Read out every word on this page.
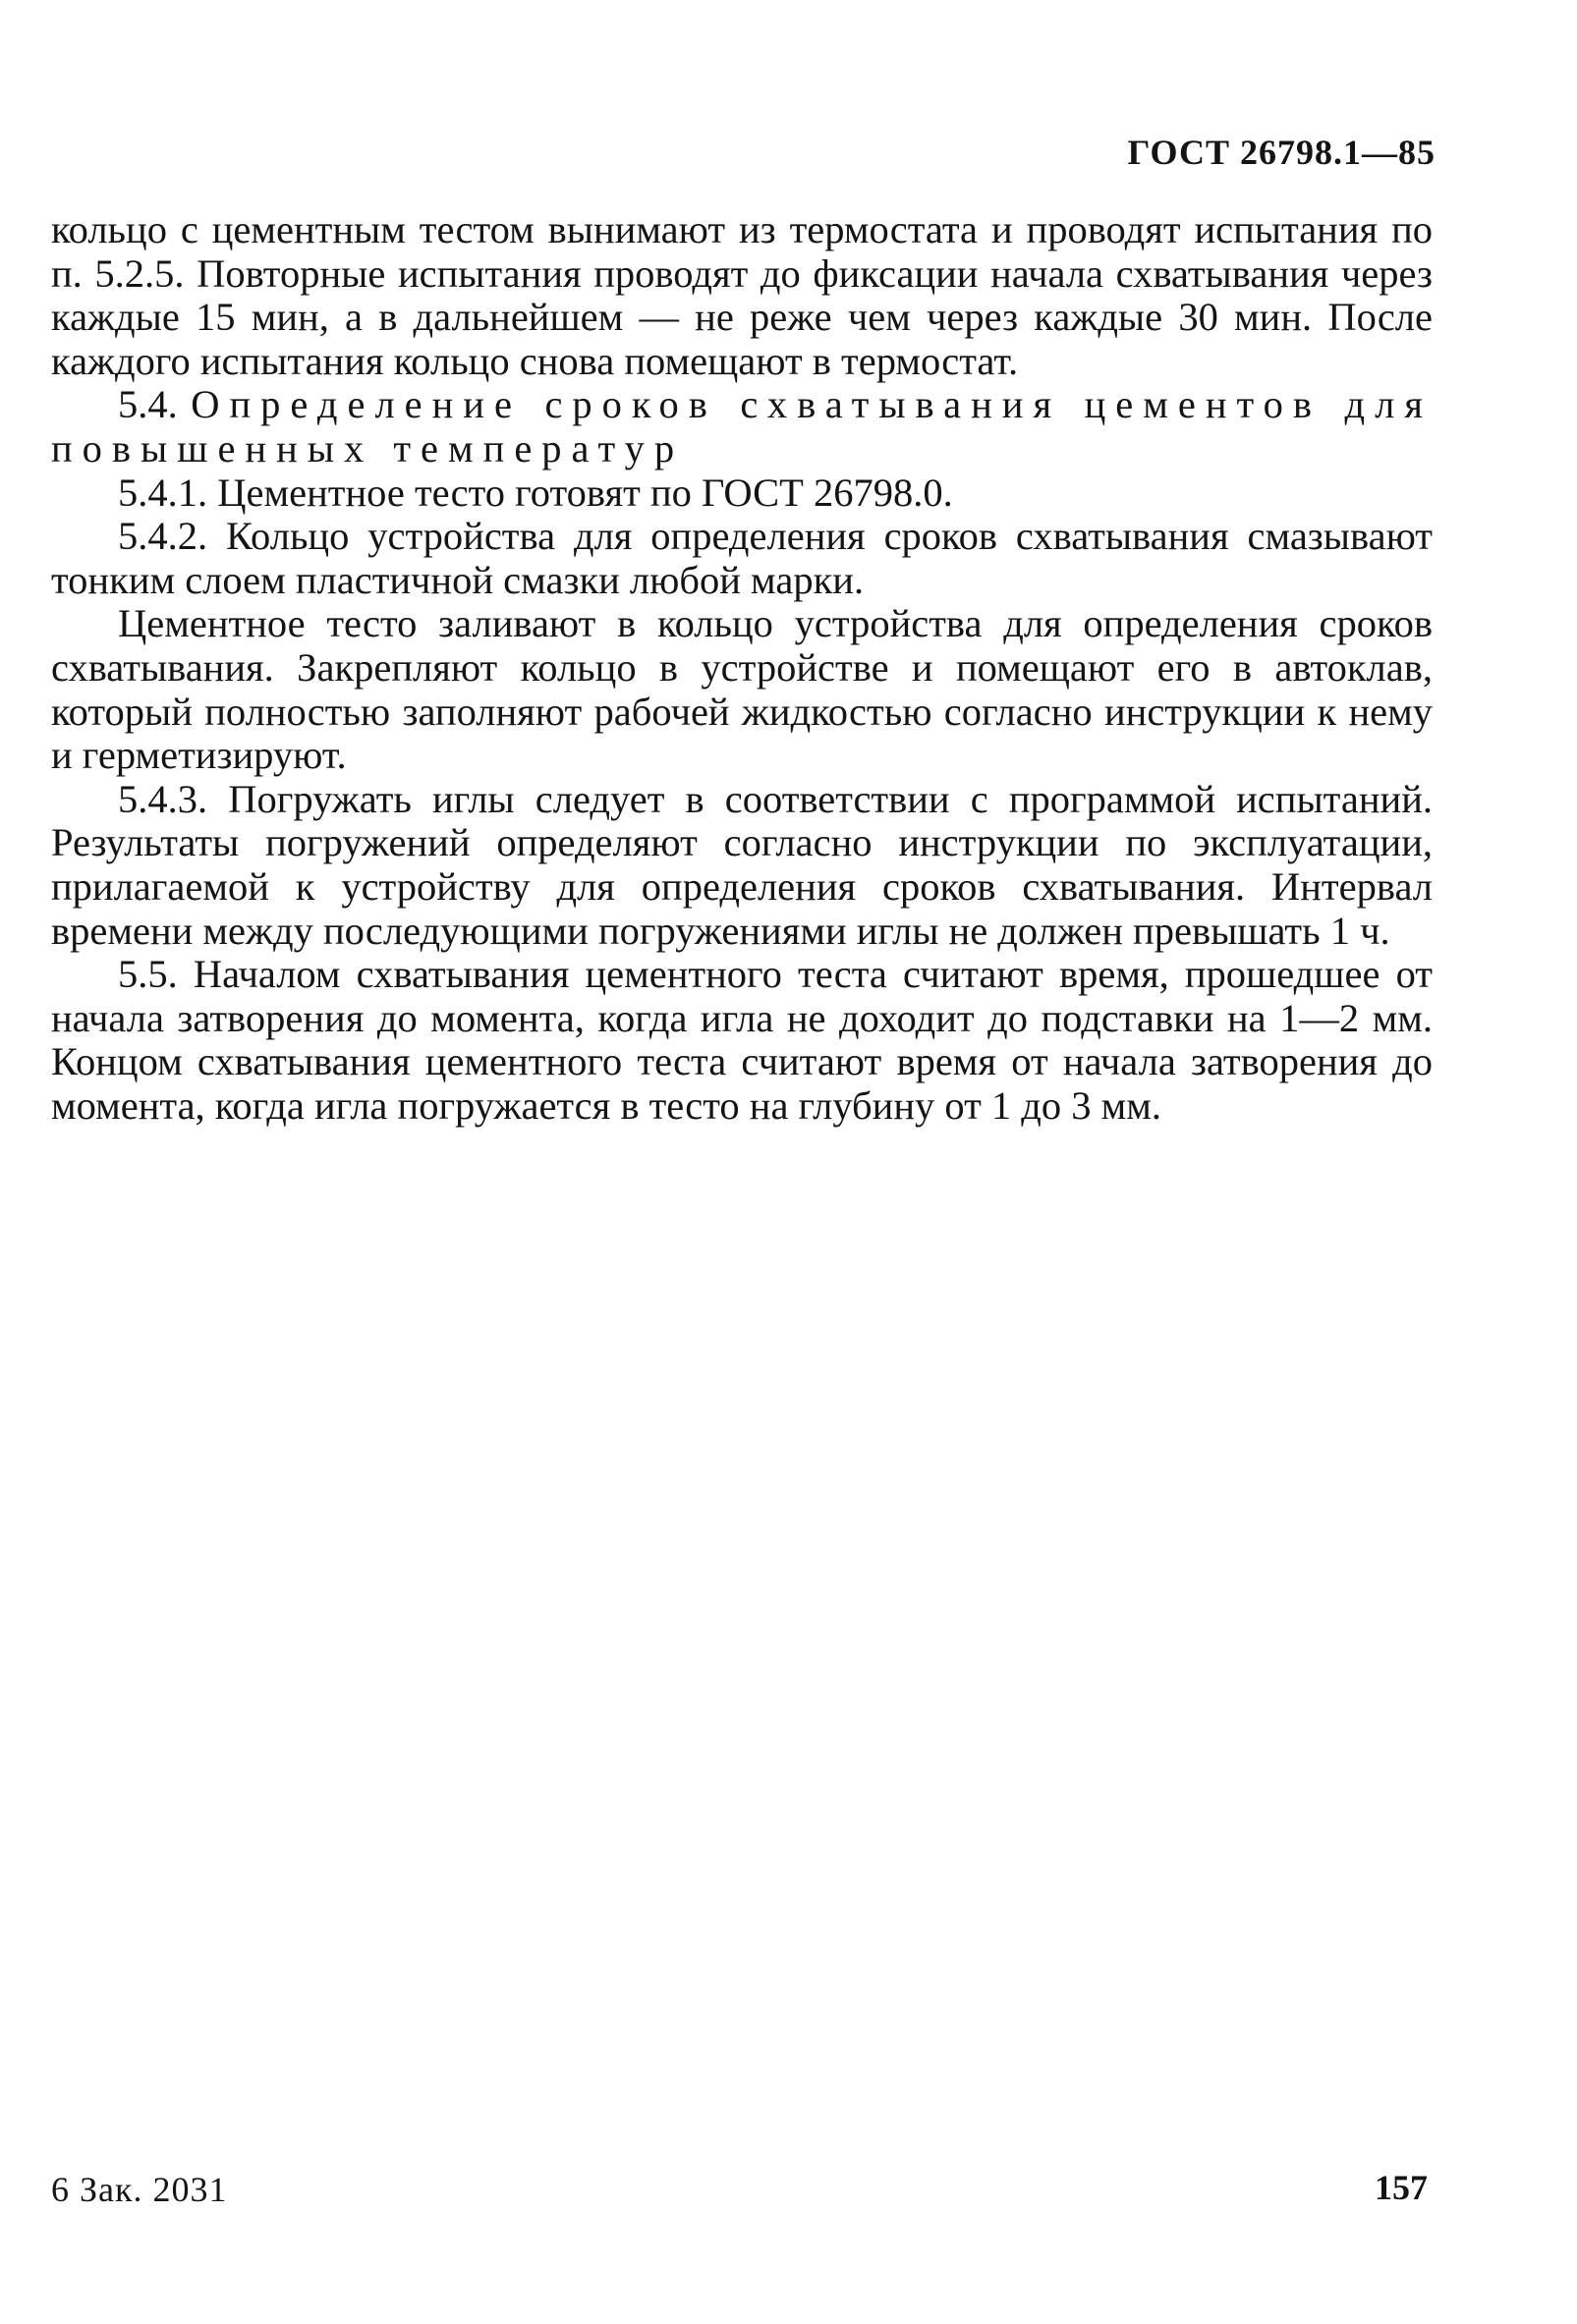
ГОСТ 26798.1—85

кольцо с цементным тестом вынимают из термостата и проводят испытания по п. 5.2.5. Повторные испытания проводят до фиксации начала схватывания через каждые 15 мин, а в дальнейшем — не реже чем через каждые 30 мин. После каждого испытания кольцо снова помещают в термостат.

5.4. Определение сроков схватывания цементов для повышенных температур

5.4.1. Цементное тесто готовят по ГОСТ 26798.0.

5.4.2. Кольцо устройства для определения сроков схватывания смазывают тонким слоем пластичной смазки любой марки.

Цементное тесто заливают в кольцо устройства для определения сроков схватывания. Закрепляют кольцо в устройстве и помещают его в автоклав, который полностью заполняют рабочей жидкостью согласно инструкции к нему и герметизируют.

5.4.3. Погружать иглы следует в соответствии с программой испытаний. Результаты погружений определяют согласно инструкции по эксплуатации, прилагаемой к устройству для определения сроков схватывания. Интервал времени между последующими погружениями иглы не должен превышать 1 ч.

5.5. Началом схватывания цементного теста считают время, прошедшее от начала затворения до момента, когда игла не доходит до подставки на 1—2 мм. Концом схватывания цементного теста считают время от начала затворения до момента, когда игла погружается в тесто на глубину от 1 до 3 мм.

6 Зак. 2031	157
